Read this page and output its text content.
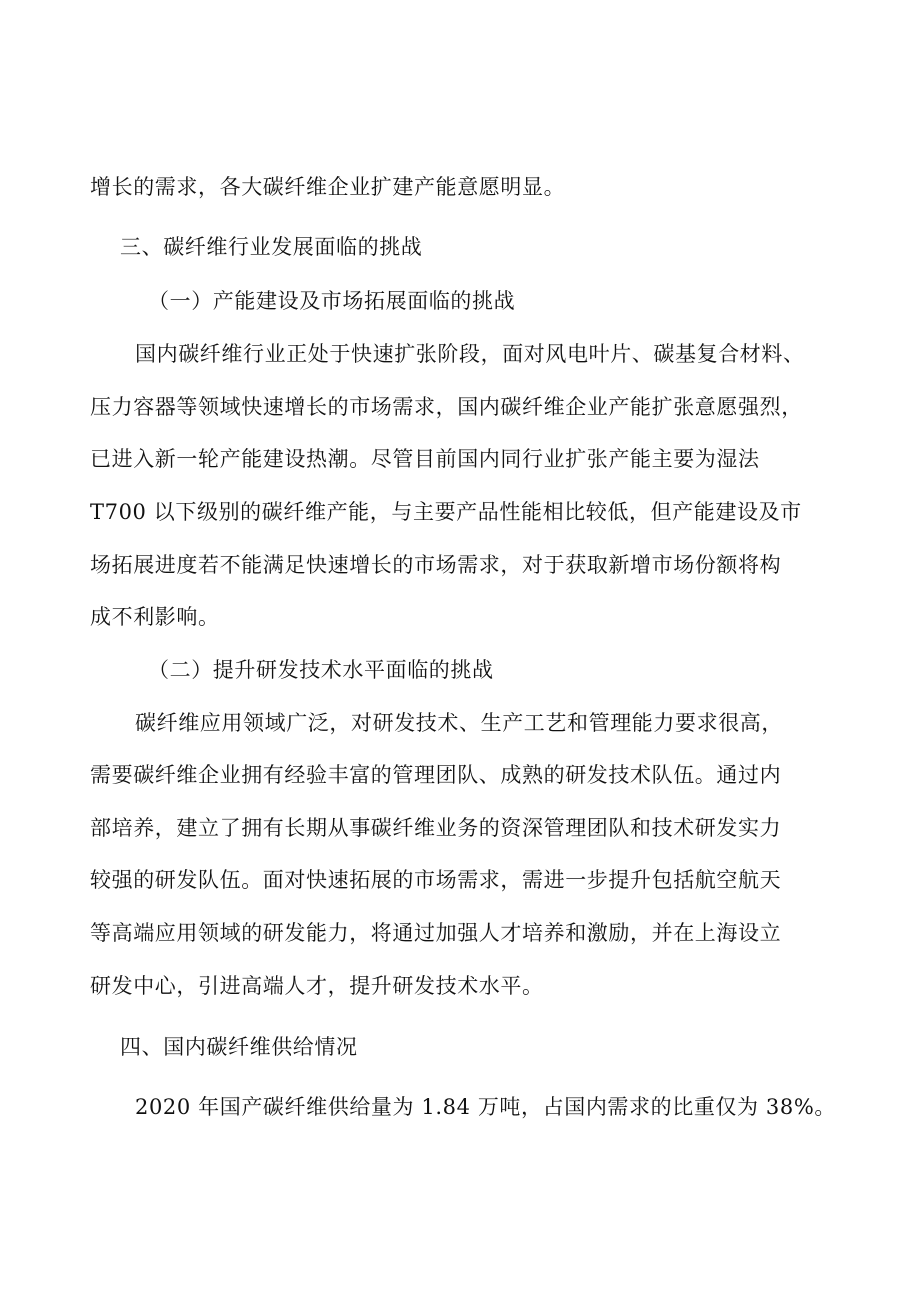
增长的需求，各大碳纤维企业扩建产能意愿明显。
三、碳纤维行业发展面临的挑战
（一）产能建设及市场拓展面临的挑战
国内碳纤维行业正处于快速扩张阶段，面对风电叶片、碳基复合材料、
压力容器等领域快速增长的市场需求，国内碳纤维企业产能扩张意愿强烈，
已进入新一轮产能建设热潮。尽管目前国内同行业扩张产能主要为湿法
T700 以下级别的碳纤维产能，与主要产品性能相比较低，但产能建设及市
场拓展进度若不能满足快速增长的市场需求，对于获取新增市场份额将构
成不利影响。
（二）提升研发技术水平面临的挑战
碳纤维应用领域广泛，对研发技术、生产工艺和管理能力要求很高，
需要碳纤维企业拥有经验丰富的管理团队、成熟的研发技术队伍。通过内
部培养，建立了拥有长期从事碳纤维业务的资深管理团队和技术研发实力
较强的研发队伍。面对快速拓展的市场需求，需进一步提升包括航空航天
等高端应用领域的研发能力，将通过加强人才培养和激励，并在上海设立
研发中心，引进高端人才，提升研发技术水平。
四、国内碳纤维供给情况
2020 年国产碳纤维供给量为 1.84 万吨，占国内需求的比重仅为 38%。
